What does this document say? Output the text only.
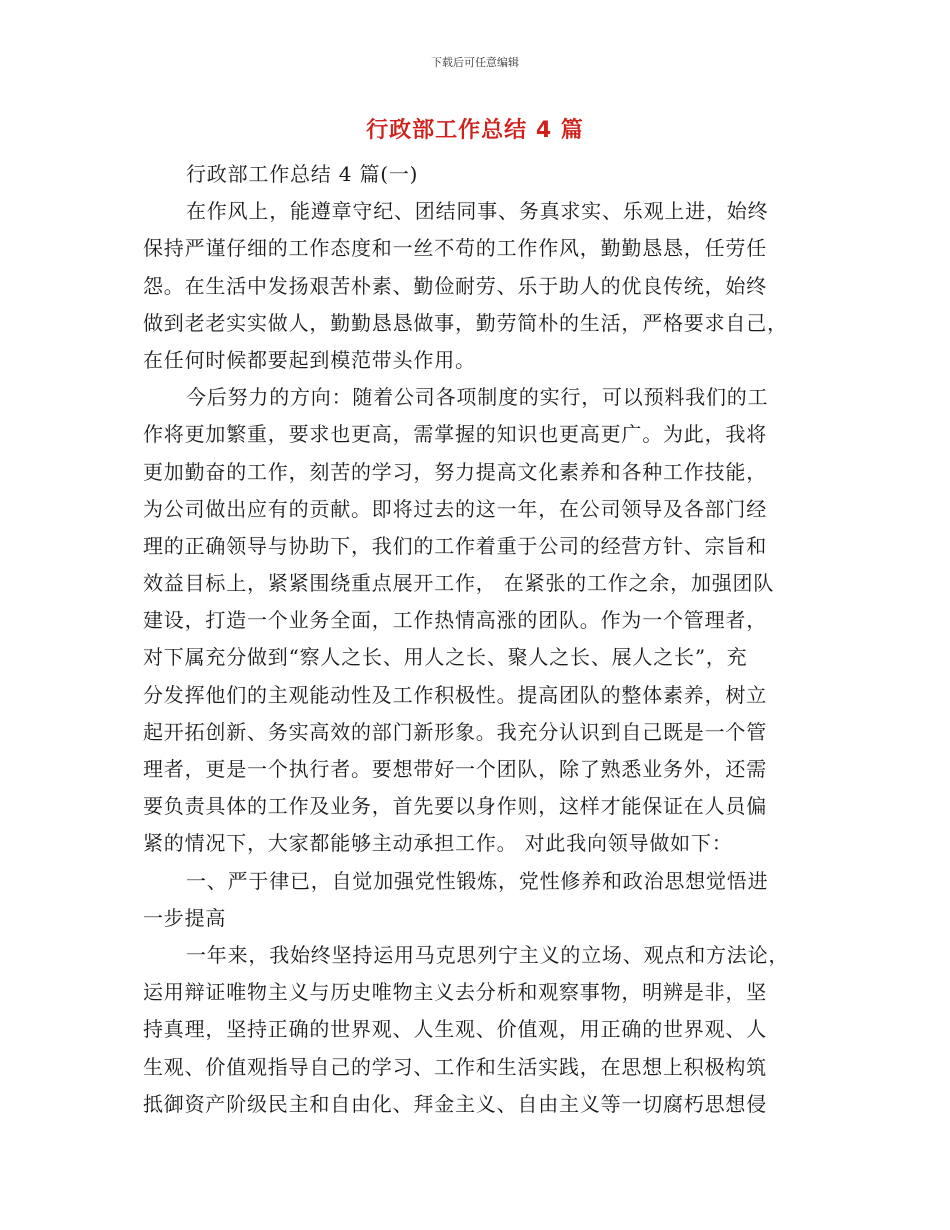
下载后可任意编辑
行政部工作总结 4 篇
行政部工作总结 4 篇(一)
在作风上，能遵章守纪、团结同事、务真求实、乐观上进，始终
保持严谨仔细的工作态度和一丝不苟的工作作风，勤勤恳恳，任劳任
怨。在生活中发扬艰苦朴素、勤俭耐劳、乐于助人的优良传统，始终
做到老老实实做人，勤勤恳恳做事，勤劳简朴的生活，严格要求自己，
在任何时候都要起到模范带头作用。
今后努力的方向：随着公司各项制度的实行，可以预料我们的工
作将更加繁重，要求也更高，需掌握的知识也更高更广。为此，我将
更加勤奋的工作，刻苦的学习，努力提高文化素养和各种工作技能，
为公司做出应有的贡献。即将过去的这一年，在公司领导及各部门经
理的正确领导与协助下，我们的工作着重于公司的经营方针、宗旨和
效益目标上，紧紧围绕重点展开工作， 在紧张的工作之余，加强团队
建设，打造一个业务全面，工作热情高涨的团队。作为一个管理者，
对下属充分做到“察人之长、用人之长、聚人之长、展人之长”，充
分发挥他们的主观能动性及工作积极性。提高团队的整体素养，树立
起开拓创新、务实高效的部门新形象。我充分认识到自己既是一个管
理者，更是一个执行者。要想带好一个团队，除了熟悉业务外，还需
要负责具体的工作及业务，首先要以身作则，这样才能保证在人员偏
紧的情况下，大家都能够主动承担工作。 对此我向领导做如下：
一、严于律已，自觉加强党性锻炼，党性修养和政治思想觉悟进
一步提高
一年来，我始终坚持运用马克思列宁主义的立场、观点和方法论，
运用辩证唯物主义与历史唯物主义去分析和观察事物，明辨是非，坚
持真理，坚持正确的世界观、人生观、价值观，用正确的世界观、人
生观、价值观指导自己的学习、工作和生活实践，在思想上积极构筑
抵御资产阶级民主和自由化、拜金主义、自由主义等一切腐朽思想侵
